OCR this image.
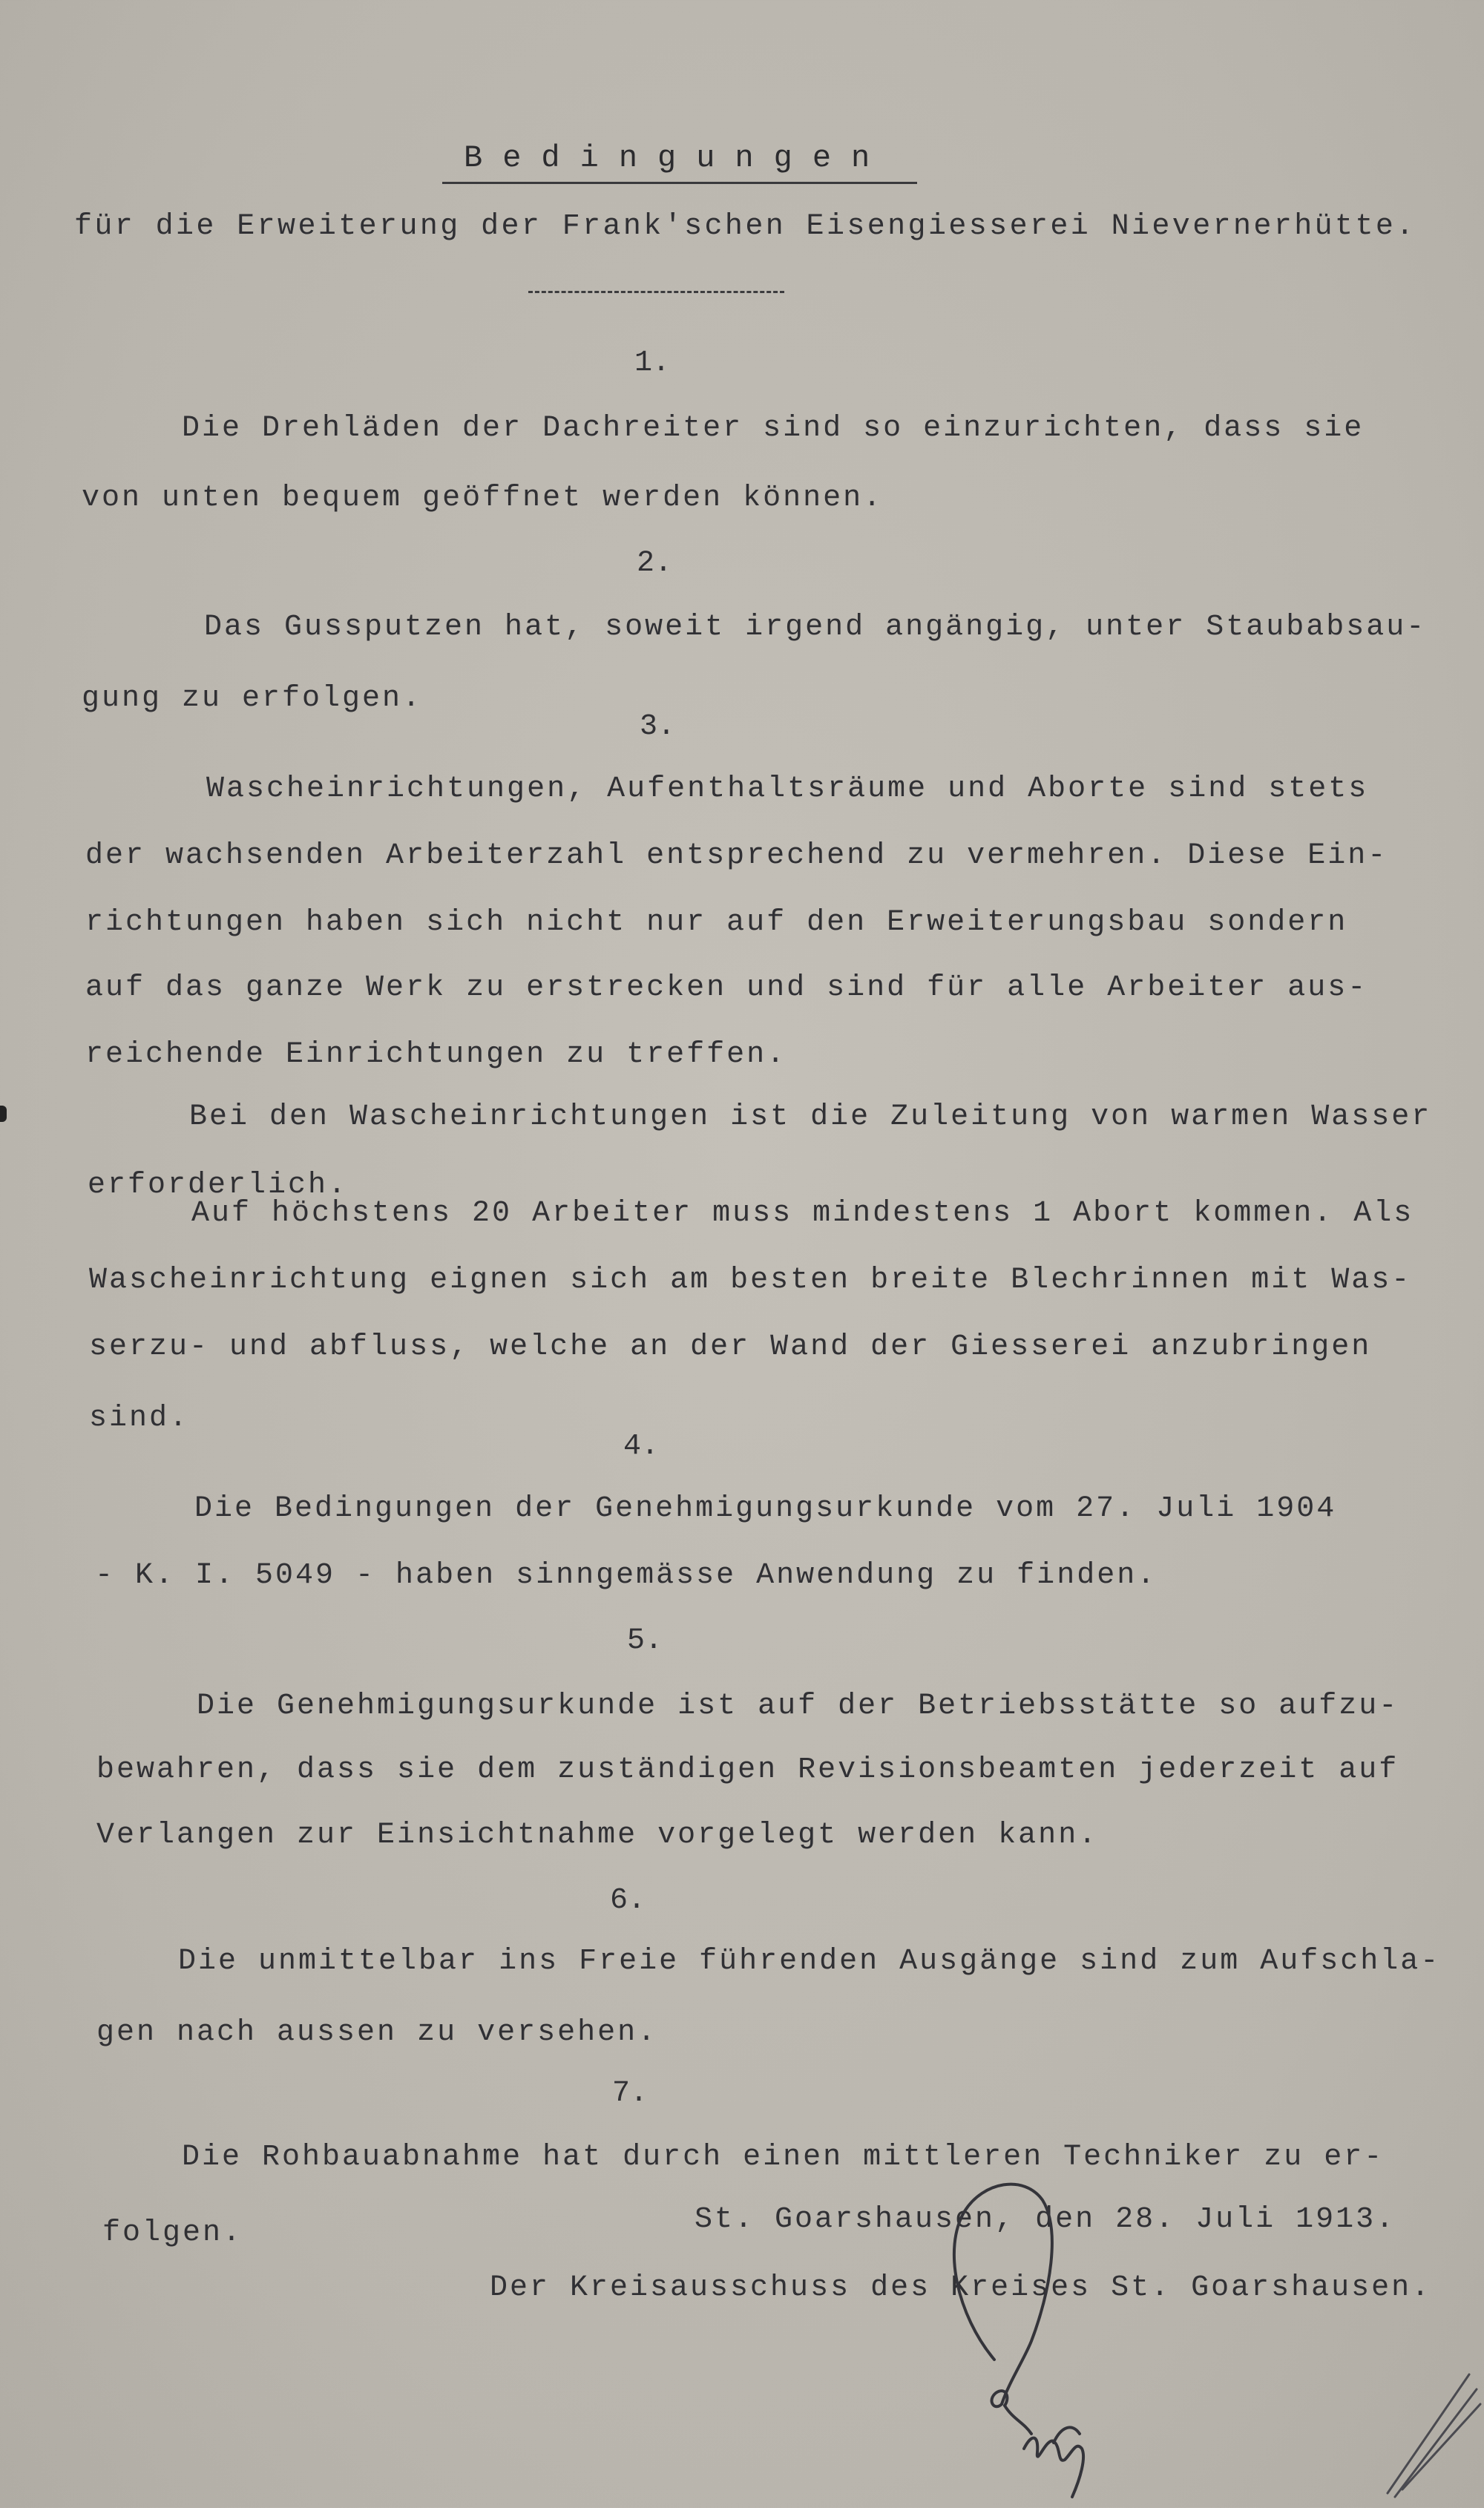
Bedingungen
für die Erweiterung der Frank'schen Eisengiesserei Nievernerhütte.
1.
Die Drehläden der Dachreiter sind so einzurichten, dass sie
von unten bequem geöffnet werden können.
2.
Das Gussputzen hat, soweit irgend angängig, unter Staubabsau-
gung zu erfolgen.
3.
Wascheinrichtungen, Aufenthaltsräume und Aborte sind stets
der wachsenden Arbeiterzahl entsprechend zu vermehren. Diese Ein-
richtungen haben sich nicht nur auf den Erweiterungsbau sondern
auf das ganze Werk zu erstrecken und sind für alle Arbeiter aus-
reichende Einrichtungen zu treffen.
Bei den Wascheinrichtungen ist die Zuleitung von warmen Wasser
erforderlich.
Auf höchstens 20 Arbeiter muss mindestens 1 Abort kommen. Als
Wascheinrichtung eignen sich am besten breite Blechrinnen mit Was-
serzu- und abfluss, welche an der Wand der Giesserei anzubringen
sind.
4.
Die Bedingungen der Genehmigungsurkunde vom 27. Juli 1904
- K. I. 5049 - haben sinngemässe Anwendung zu finden.
5.
Die Genehmigungsurkunde ist auf der Betriebsstätte so aufzu-
bewahren, dass sie dem zuständigen Revisionsbeamten jederzeit auf
Verlangen zur Einsichtnahme vorgelegt werden kann.
6.
Die unmittelbar ins Freie führenden Ausgänge sind zum Aufschla-
gen nach aussen zu versehen.
7.
Die Rohbauabnahme hat durch einen mittleren Techniker zu er-
folgen.	St. Goarshausen, den 28. Juli 1913.
Der Kreisausschuss des Kreises St. Goarshausen.
